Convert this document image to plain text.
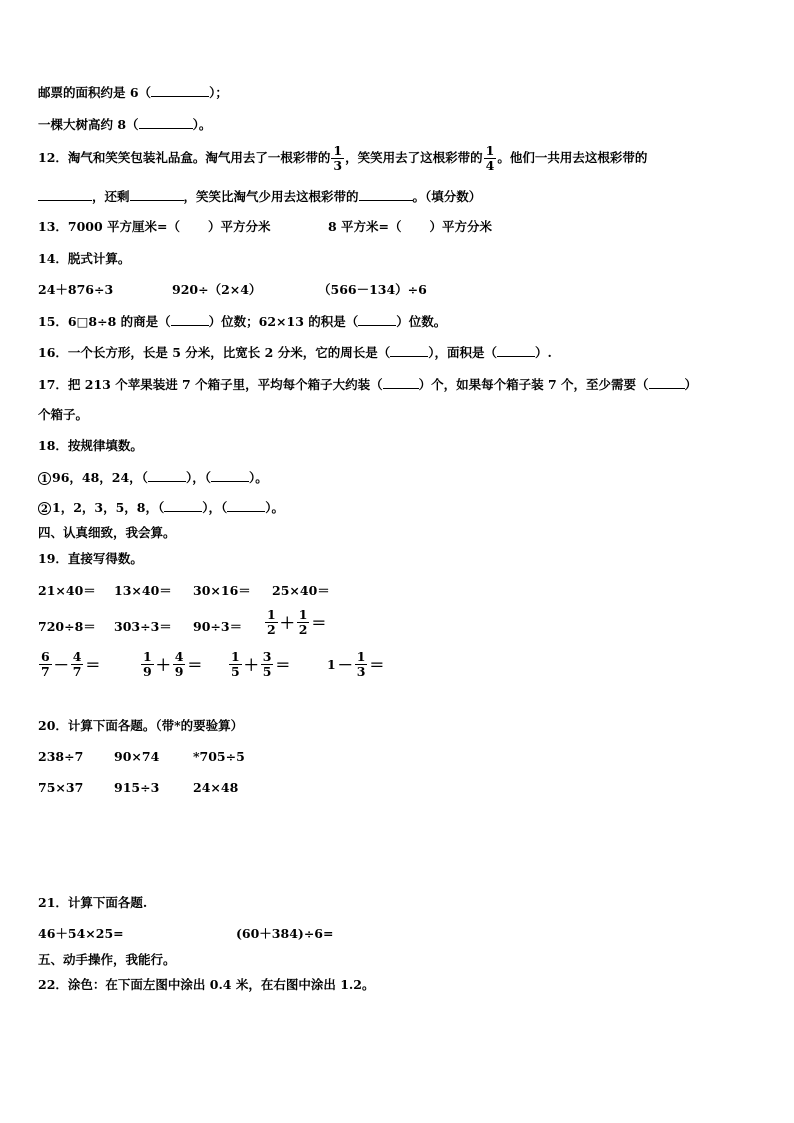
邮票的面积约是 6（	）；
一棵大树高约 8（	）。
12．淘气和笑笑包装礼品盒。淘气用去了一根彩带的 $\frac{1}{3}$ ，笑笑用去了这根彩带的 $\frac{1}{4}$ 。他们一共用去这根彩带的
，还剩	，笑笑比淘气少用去这根彩带的	。（填分数）
13．7000 平方厘米=（ ）平方分米	8 平方米=（ ）平方分米
14．脱式计算。
24＋876÷3	920÷（2×4）	（566－134）÷6
15．6□8÷8 的商是（	）位数；62×13 的积是（	）位数。
16．一个长方形，长是 5 分米，比宽长 2 分米，它的周长是（	），面积是（	）.
17．把 213 个苹果装进 7 个箱子里，平均每个箱子大约装（	）个，如果每个箱子装 7 个，至少需要（	）
个箱子。
18．按规律填数。
1 96，48，24，（	），（	）。
2 1，2，3，5，8，（	），（	）。
四、认真细致，我会算。
19．直接写得数。
21×40＝ 13×40＝ 30×16＝ 25×40＝
$720\div 8= 303\div 3= 90\div 3= \frac{1}{2} + \frac{1}{2}$ ＝
$\frac{6}{7} - \frac{4}{7}$ ＝	$\frac{1}{9} + \frac{4}{9} = \frac{1}{5} + \frac{3}{5}$ ＝	$1 - \frac{1}{3}$ ＝
20．计算下面各题。（带*的要验算）
238÷7 90×74	*705÷5
75×37 915÷3	24×48
21．计算下面各题.
46＋54×25=	(60＋384)÷6=
五、动手操作，我能行。
22．涂色：在下面左图中涂出 0.4 米，在右图中涂出 1.2。
